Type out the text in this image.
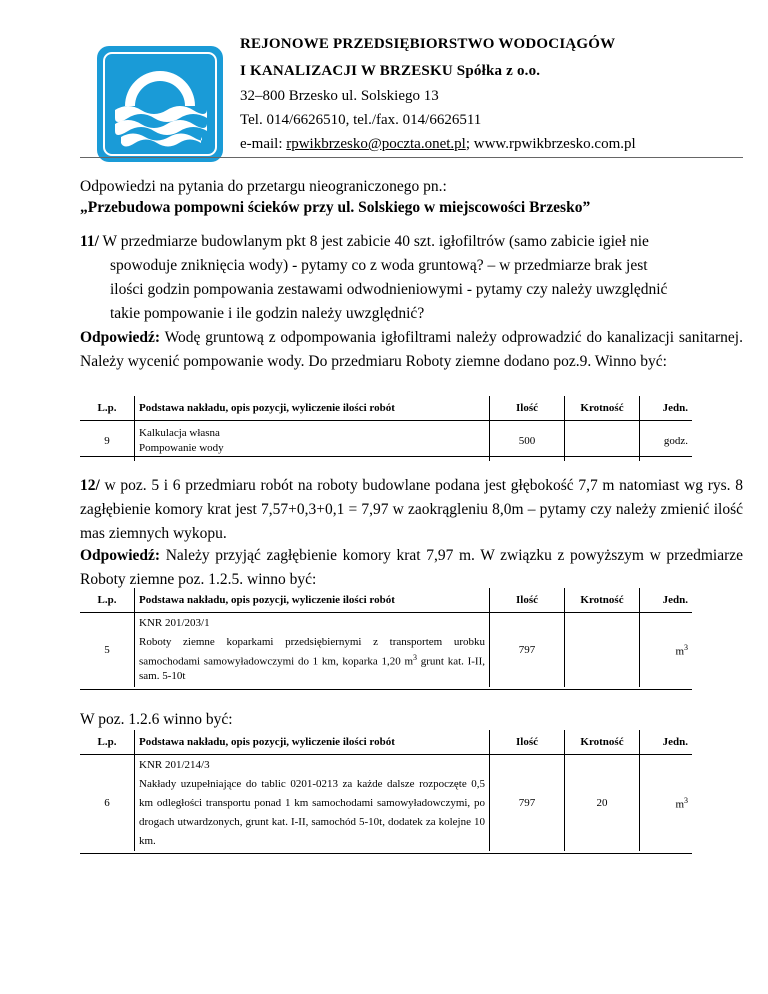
REJONOWE PRZEDSIĘBIORSTWO WODOCIĄGÓW
I KANALIZACJI W BRZESKU Spółka z o.o.
32–800 Brzesko ul. Solskiego 13
Tel. 014/6626510, tel./fax. 014/6626511
e-mail: rpwikbrzesko@poczta.onet.pl; www.rpwikbrzesko.com.pl
Odpowiedzi na pytania do przetargu nieograniczonego pn.:
„Przebudowa pompowni ścieków przy ul. Solskiego w miejscowości Brzesko”
11/ W przedmiarze budowlanym pkt 8 jest zabicie 40 szt. igłofiltrów (samo zabicie igieł nie
spowoduje zniknięcia wody) - pytamy co z woda gruntową? – w przedmiarze brak jest
ilości godzin pompowania zestawami odwodnieniowymi - pytamy czy należy uwzględnić
takie pompowanie i ile godzin należy uwzględnić?
Odpowiedź: Wodę gruntową z odpompowania igłofiltrami należy odprowadzić do kanalizacji sanitarnej. Należy wycenić pompowanie wody. Do przedmiaru Roboty ziemne dodano poz.9. Winno być:
L.p.	Podstawa nakładu, opis pozycji, wyliczenie ilości robót	Ilość	Krotność	Jedn.
9	Kalkulacja własna
Pompowanie wody	500		godz.
12/ w poz. 5 i 6 przedmiaru robót na roboty budowlane podana jest głębokość 7,7 m natomiast wg rys. 8 zagłębienie komory krat jest 7,57+0,3+0,1 = 7,97 w zaokrągleniu 8,0m – pytamy czy należy zmienić ilość mas ziemnych wykopu.
Odpowiedź: Należy przyjąć zagłębienie komory krat 7,97 m. W związku z powyższym w przedmiarze Roboty ziemne poz. 1.2.5. winno być:
L.p.	Podstawa nakładu, opis pozycji, wyliczenie ilości robót	Ilość	Krotność	Jedn.
5	KNR 201/203/1
Roboty ziemne koparkami przedsiębiernymi z transportem urobku samochodami samowyładowczymi do 1 km, koparka 1,20 $m^3$ grunt kat. I-II, sam. 5-10t	797		$m^3$
W poz. 1.2.6 winno być:
L.p.	Podstawa nakładu, opis pozycji, wyliczenie ilości robót	Ilość	Krotność	Jedn.
6	KNR 201/214/3
Nakłady uzupełniające do tablic 0201-0213 za każde dalsze rozpoczęte 0,5 km odległości transportu ponad 1 km samochodami samowyładowczymi, po drogach utwardzonych, grunt kat. I-II, samochód 5-10t, dodatek za kolejne 10 km.	797	20	$m^3$
